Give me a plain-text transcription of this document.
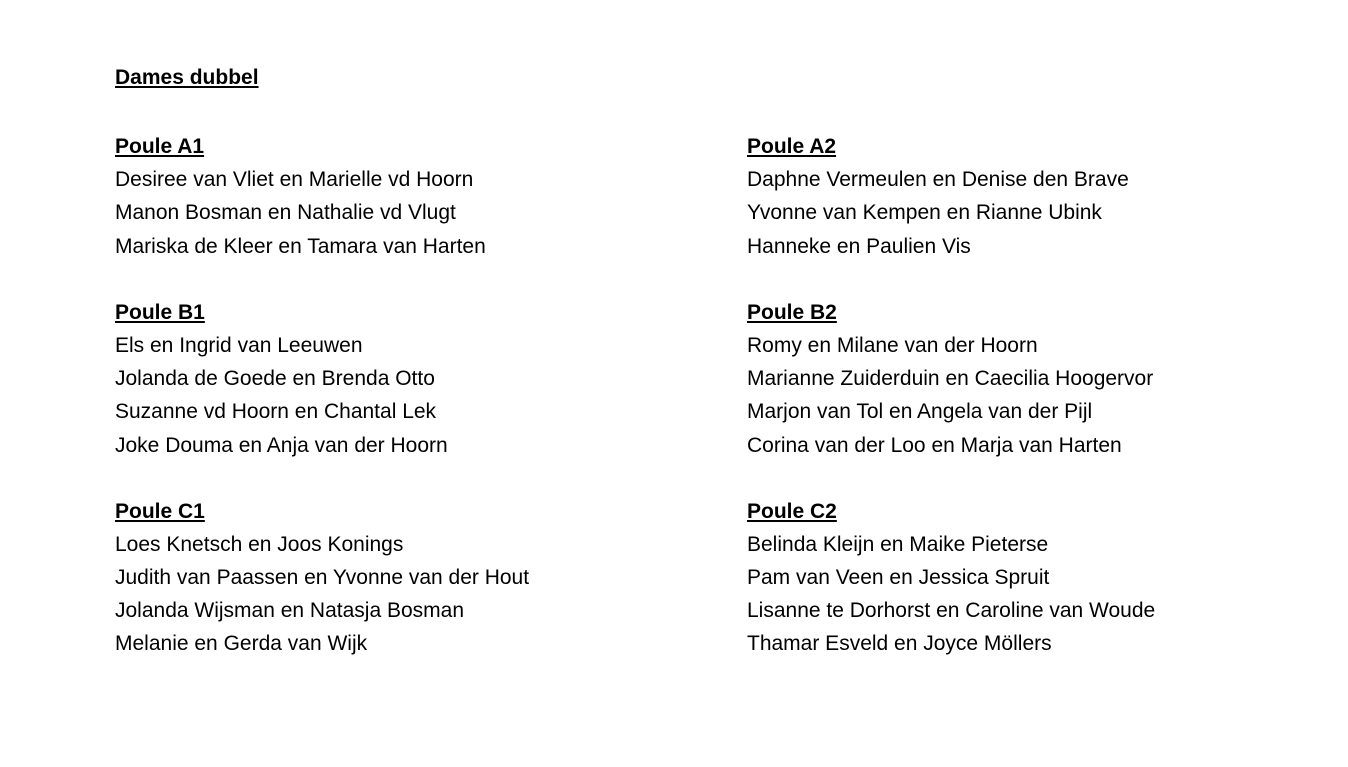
Dames dubbel
Poule A1
Desiree van Vliet en Marielle vd Hoorn
Manon Bosman en Nathalie vd Vlugt
Mariska de Kleer en Tamara van Harten
Poule B1
Els en Ingrid van Leeuwen
Jolanda de Goede en Brenda Otto
Suzanne vd Hoorn en Chantal Lek
Joke Douma en Anja van der Hoorn
Poule C1
Loes Knetsch en Joos Konings
Judith van Paassen en Yvonne van der Hout
Jolanda Wijsman en Natasja Bosman
Melanie en Gerda van Wijk
Poule A2
Daphne Vermeulen en Denise den Brave
Yvonne van Kempen en Rianne Ubink
Hanneke en Paulien Vis
Poule B2
Romy en Milane van der Hoorn
Marianne Zuiderduin en Caecilia Hoogervor
Marjon van Tol en Angela van der Pijl
Corina van der Loo en Marja van Harten
Poule C2
Belinda Kleijn en Maike Pieterse
Pam van Veen en Jessica Spruit
Lisanne te Dorhorst en Caroline van Woude
Thamar Esveld en Joyce Möllers
